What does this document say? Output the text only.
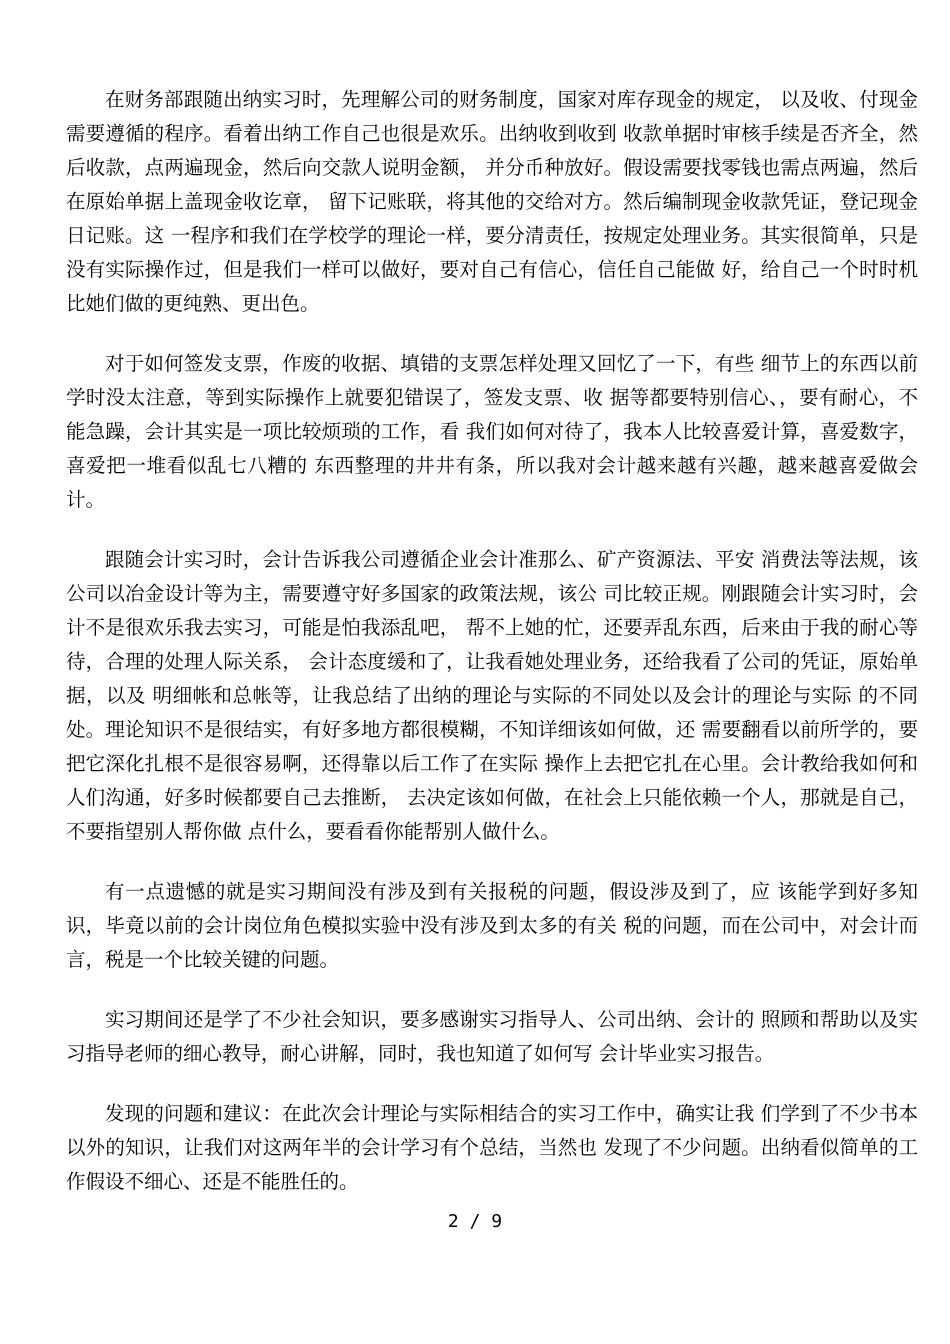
在财务部跟随出纳实习时，先理解公司的财务制度，国家对库存现金的规定， 以及收、付现金需要遵循的程序。看着出纳工作自己也很是欢乐。出纳收到收到 收款单据时审核手续是否齐全，然后收款，点两遍现金，然后向交款人说明金额， 并分币种放好。假设需要找零钱也需点两遍，然后在原始单据上盖现金收讫章， 留下记账联，将其他的交给对方。然后编制现金收款凭证，登记现金日记账。这 一程序和我们在学校学的理论一样，要分清责任，按规定处理业务。其实很简单，只是没有实际操作过，但是我们一样可以做好，要对自己有信心，信任自己能做 好，给自己一个时时机比她们做的更纯熟、更出色。

对于如何签发支票，作废的收据、填错的支票怎样处理又回忆了一下，有些 细节上的东西以前学时没太注意，等到实际操作上就要犯错误了，签发支票、收 据等都要特别信心、，要有耐心，不能急躁，会计其实是一项比较烦琐的工作，看 我们如何对待了，我本人比较喜爱计算，喜爱数字，喜爱把一堆看似乱七八糟的 东西整理的井井有条，所以我对会计越来越有兴趣，越来越喜爱做会计。

跟随会计实习时，会计告诉我公司遵循企业会计准那么、矿产资源法、平安 消费法等法规，该公司以冶金设计等为主，需要遵守好多国家的政策法规，该公 司比较正规。刚跟随会计实习时，会计不是很欢乐我去实习，可能是怕我添乱吧， 帮不上她的忙，还要弄乱东西，后来由于我的耐心等待，合理的处理人际关系， 会计态度缓和了，让我看她处理业务，还给我看了公司的凭证，原始单据，以及 明细帐和总帐等，让我总结了出纳的理论与实际的不同处以及会计的理论与实际 的不同处。理论知识不是很结实，有好多地方都很模糊，不知详细该如何做，还 需要翻看以前所学的，要把它深化扎根不是很容易啊，还得靠以后工作了在实际 操作上去把它扎在心里。会计教给我如何和人们沟通，好多时候都要自己去推断， 去决定该如何做，在社会上只能依赖一个人，那就是自己，不要指望别人帮你做 点什么，要看看你能帮别人做什么。

有一点遗憾的就是实习期间没有涉及到有关报税的问题，假设涉及到了，应 该能学到好多知识，毕竟以前的会计岗位角色模拟实验中没有涉及到太多的有关 税的问题，而在公司中，对会计而言，税是一个比较关键的问题。

实习期间还是学了不少社会知识，要多感谢实习指导人、公司出纳、会计的 照顾和帮助以及实习指导老师的细心教导，耐心讲解，同时，我也知道了如何写 会计毕业实习报告。

发现的问题和建议：在此次会计理论与实际相结合的实习工作中，确实让我 们学到了不少书本以外的知识，让我们对这两年半的会计学习有个总结，当然也 发现了不少问题。出纳看似简单的工作假设不细心、还是不能胜任的。

2 / 9
